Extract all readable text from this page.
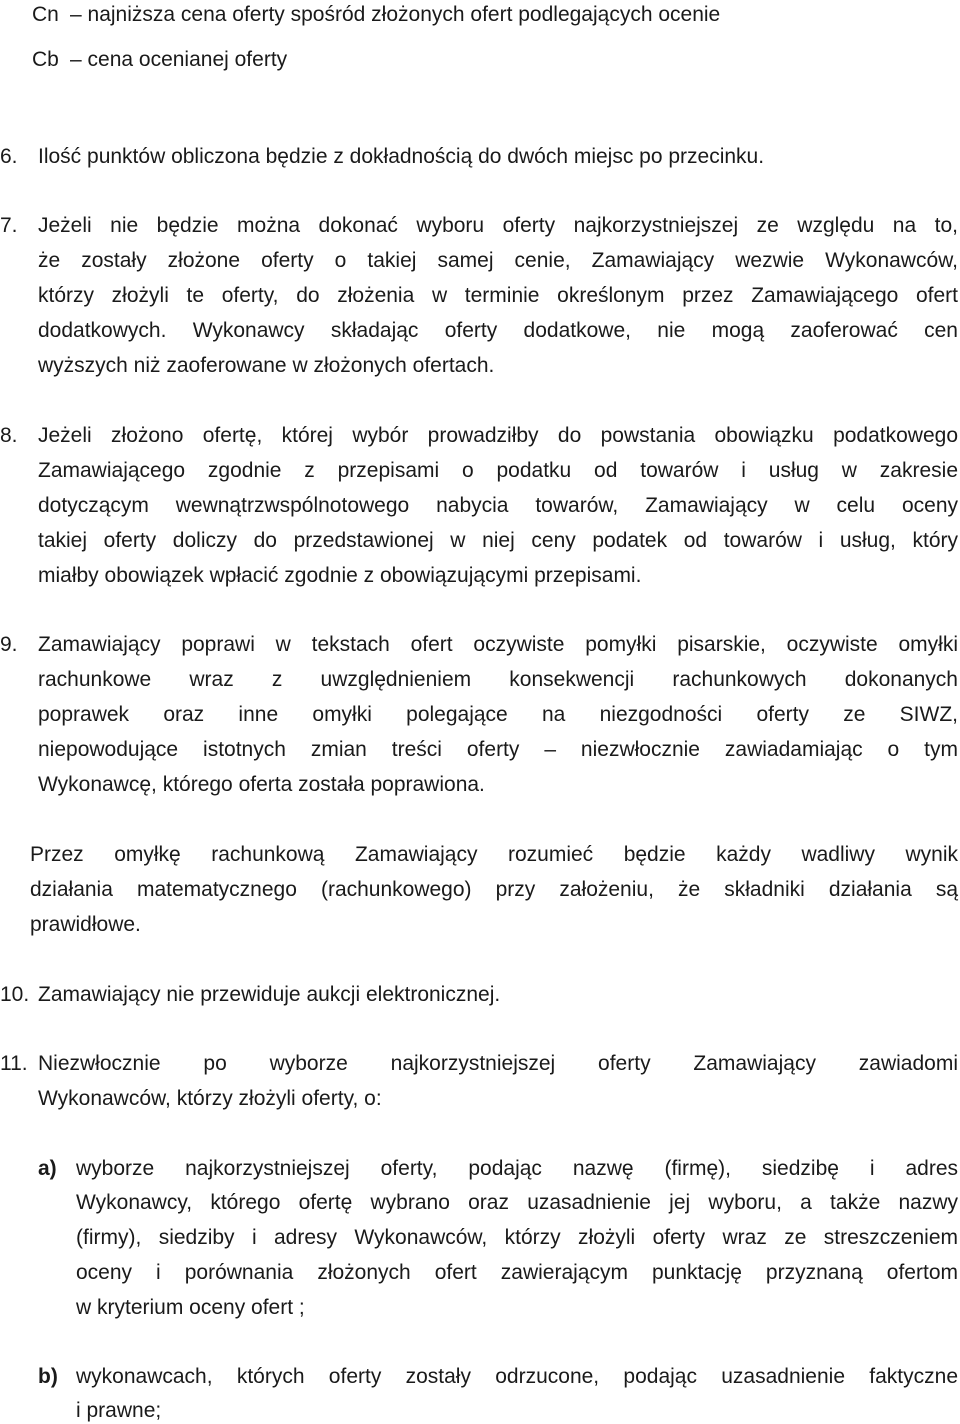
Cn – najniższa cena oferty spośród złożonych ofert podlegających ocenie
Cb – cena ocenianej oferty
6. Ilość punktów obliczona będzie z dokładnością do dwóch miejsc po przecinku.
7. Jeżeli nie będzie można dokonać wyboru oferty najkorzystniejszej ze względu na to,
że zostały złożone oferty o takiej samej cenie, Zamawiający wezwie Wykonawców,
którzy złożyli te oferty, do złożenia w terminie określonym przez Zamawiającego ofert
dodatkowych. Wykonawcy składając oferty dodatkowe, nie mogą zaoferować cen
wyższych niż zaoferowane w złożonych ofertach.
8. Jeżeli złożono ofertę, której wybór prowadziłby do powstania obowiązku podatkowego
Zamawiającego zgodnie z przepisami o podatku od towarów i usług w zakresie
dotyczącym wewnątrzwspólnotowego nabycia towarów, Zamawiający w celu oceny
takiej oferty doliczy do przedstawionej w niej ceny podatek od towarów i usług, który
miałby obowiązek wpłacić zgodnie z obowiązującymi przepisami.
9. Zamawiający poprawi w tekstach ofert oczywiste pomyłki pisarskie, oczywiste omyłki
rachunkowe wraz z uwzględnieniem konsekwencji rachunkowych dokonanych
poprawek oraz inne omyłki polegające na niezgodności oferty ze SIWZ,
niepowodujące istotnych zmian treści oferty – niezwłocznie zawiadamiając o tym
Wykonawcę, którego oferta została poprawiona.
Przez omyłkę rachunkową Zamawiający rozumieć będzie każdy wadliwy wynik
działania matematycznego (rachunkowego) przy założeniu, że składniki działania są
prawidłowe.
10. Zamawiający nie przewiduje aukcji elektronicznej.
11. Niezwłocznie po wyborze najkorzystniejszej oferty Zamawiający zawiadomi
Wykonawców, którzy złożyli oferty, o:
a) wyborze najkorzystniejszej oferty, podając nazwę (firmę), siedzibę i adres
Wykonawcy, którego ofertę wybrano oraz uzasadnienie jej wyboru, a także nazwy
(firmy), siedziby i adresy Wykonawców, którzy złożyli oferty wraz ze streszczeniem
oceny i porównania złożonych ofert zawierającym punktację przyznaną ofertom
w kryterium oceny ofert ;
b) wykonawcach, których oferty zostały odrzucone, podając uzasadnienie faktyczne
i prawne;
